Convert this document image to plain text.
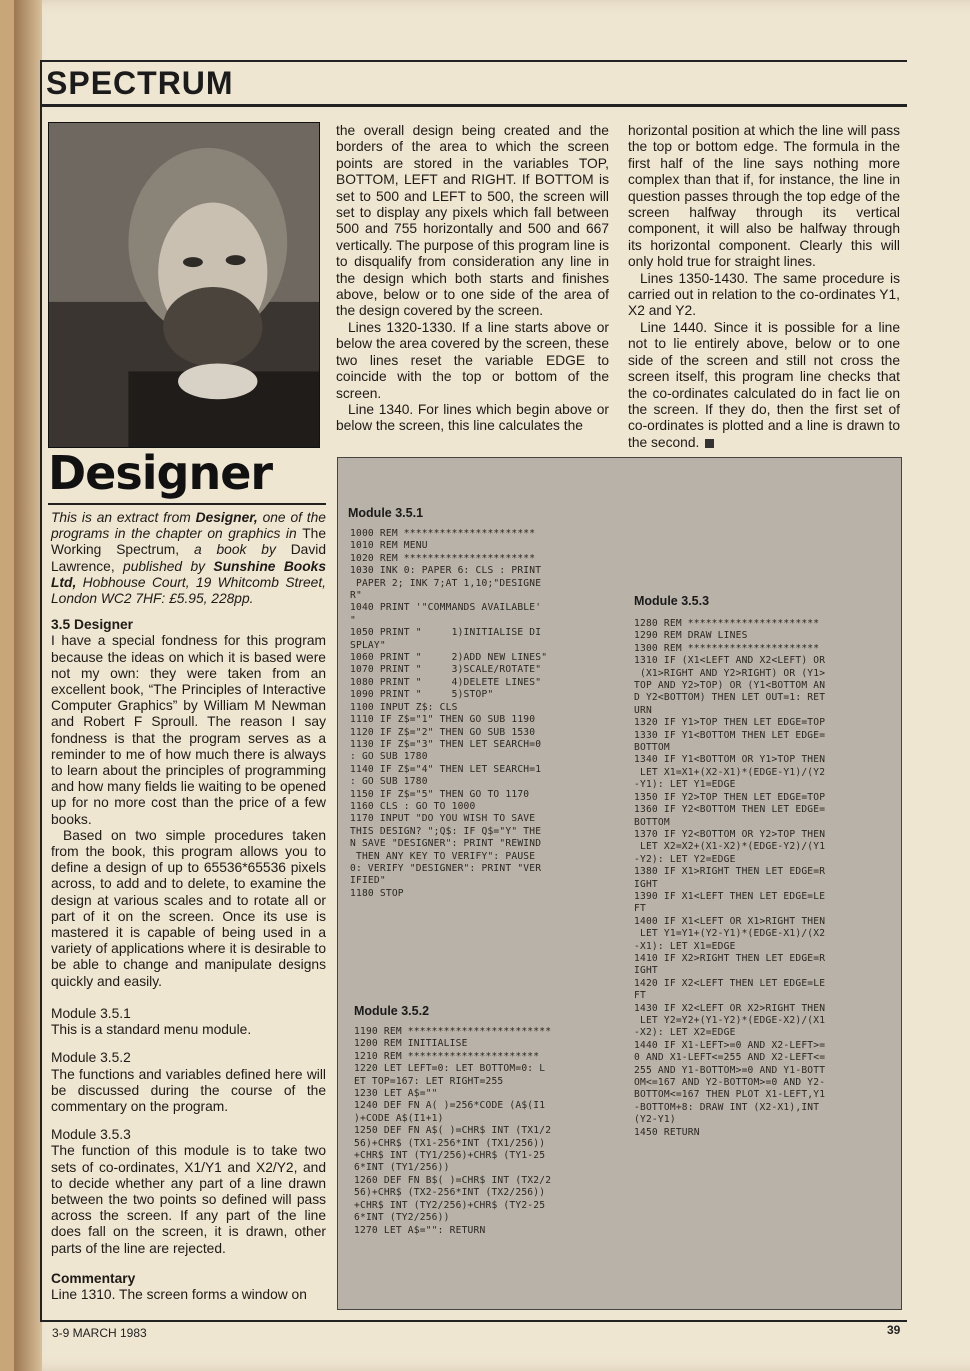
SPECTRUM
Designer
This is an extract from Designer, one of the programs in the chapter on graphics in The Working Spectrum, a book by David Lawrence, published by Sunshine Books Ltd, Hobhouse Court, 19 Whitcomb Street, London WC2 7HF: £5.95, 228pp.
3.5 Designer
I have a special fondness for this program because the ideas on which it is based were not my own: they were taken from an excellent book, “The Principles of Interactive Computer Graphics” by William M Newman and Robert F Sproull. The reason I say fondness is that the program serves as a reminder to me of how much there is always to learn about the principles of programming and how many fields lie waiting to be opened up for no more cost than the price of a few books.
Based on two simple procedures taken from the book, this program allows you to define a design of up to 65536*65536 pixels across, to add and to delete, to examine the design at various scales and to rotate all or part of it on the screen. Once its use is mastered it is capable of being used in a variety of applications where it is desirable to be able to change and manipulate designs quickly and easily.
Module 3.5.1
This is a standard menu module.
Module 3.5.2
The functions and variables defined here will be discussed during the course of the commentary on the program.
Module 3.5.3
The function of this module is to take two sets of co-ordinates, X1/Y1 and X2/Y2, and to decide whether any part of a line drawn between the two points so defined will pass across the screen. If any part of the line does fall on the screen, it is drawn, other parts of the line are rejected.
Commentary
Line 1310. The screen forms a window on
the overall design being created and the borders of the area to which the screen points are stored in the variables TOP, BOTTOM, LEFT and RIGHT. If BOTTOM is set to 500 and LEFT to 500, the screen will set to display any pixels which fall between 500 and 755 horizontally and 500 and 667 vertically. The purpose of this program line is to disqualify from consideration any line in the design which both starts and finishes above, below or to one side of the area of the design covered by the screen.
Lines 1320-1330. If a line starts above or below the area covered by the screen, these two lines reset the variable EDGE to coincide with the top or bottom of the screen.
Line 1340. For lines which begin above or below the screen, this line calculates the
horizontal position at which the line will pass the top or bottom edge. The formula in the first half of the line says nothing more complex than that if, for instance, the line in question passes through the top edge of the screen halfway through its vertical component, it will also be halfway through its horizontal component. Clearly this will only hold true for straight lines.
Lines 1350-1430. The same procedure is carried out in relation to the co-ordinates Y1, X2 and Y2.
Line 1440. Since it is possible for a line not to lie entirely above, below or to one side of the screen and still not cross the screen itself, this program line checks that the co-ordinates calculated do in fact lie on the screen. If they do, then the first set of co-ordinates is plotted and a line is drawn to the second.
Module 3.5.1
1000 REM **********************
1010 REM MENU
1020 REM **********************
1030 INK 0: PAPER 6: CLS : PRINT
PAPER 2; INK 7;AT 1,10;"DESIGNE
R"
1040 PRINT '"COMMANDS AVAILABLE'
"
1050 PRINT "     1)INITIALISE DI
SPLAY"
1060 PRINT "     2)ADD NEW LINES"
1070 PRINT "     3)SCALE/ROTATE"
1080 PRINT "     4)DELETE LINES"
1090 PRINT "     5)STOP"
1100 INPUT Z$: CLS
1110 IF Z$="1" THEN GO SUB 1190
1120 IF Z$="2" THEN GO SUB 1530
1130 IF Z$="3" THEN LET SEARCH=0
: GO SUB 1780
1140 IF Z$="4" THEN LET SEARCH=1
: GO SUB 1780
1150 IF Z$="5" THEN GO TO 1170
1160 CLS : GO TO 1000
1170 INPUT "DO YOU WISH TO SAVE
THIS DESIGN? ";Q$: IF Q$="Y" THE
N SAVE "DESIGNER": PRINT "REWIND
THEN ANY KEY TO VERIFY": PAUSE
0: VERIFY "DESIGNER": PRINT "VER
IFIED"
1180 STOP
Module 3.5.2
1190 REM ************************
1200 REM INITIALISE
1210 REM **********************
1220 LET LEFT=0: LET BOTTOM=0: L
ET TOP=167: LET RIGHT=255
1230 LET A$=""
1240 DEF FN A( )=256*CODE (A$(I1
)+CODE A$(I1+1)
1250 DEF FN A$( )=CHR$ INT (TX1/2
56)+CHR$ (TX1-256*INT (TX1/256))
+CHR$ INT (TY1/256)+CHR$ (TY1-25
6*INT (TY1/256))
1260 DEF FN B$( )=CHR$ INT (TX2/2
56)+CHR$ (TX2-256*INT (TX2/256))
+CHR$ INT (TY2/256)+CHR$ (TY2-25
6*INT (TY2/256))
1270 LET A$="": RETURN
Module 3.5.3
1280 REM **********************
1290 REM DRAW LINES
1300 REM **********************
1310 IF (X1<LEFT AND X2<LEFT) OR
(X1>RIGHT AND Y2>RIGHT) OR (Y1>
TOP AND Y2>TOP) OR (Y1<BOTTOM AN
D Y2<BOTTOM) THEN LET OUT=1: RET
URN
1320 IF Y1>TOP THEN LET EDGE=TOP
1330 IF Y1<BOTTOM THEN LET EDGE=
BOTTOM
1340 IF Y1<BOTTOM OR Y1>TOP THEN
LET X1=X1+(X2-X1)*(EDGE-Y1)/(Y2
-Y1): LET Y1=EDGE
1350 IF Y2>TOP THEN LET EDGE=TOP
1360 IF Y2<BOTTOM THEN LET EDGE=
BOTTOM
1370 IF Y2<BOTTOM OR Y2>TOP THEN
LET X2=X2+(X1-X2)*(EDGE-Y2)/(Y1
-Y2): LET Y2=EDGE
1380 IF X1>RIGHT THEN LET EDGE=R
IGHT
1390 IF X1<LEFT THEN LET EDGE=LE
FT
1400 IF X1<LEFT OR X1>RIGHT THEN
LET Y1=Y1+(Y2-Y1)*(EDGE-X1)/(X2
-X1): LET X1=EDGE
1410 IF X2>RIGHT THEN LET EDGE=R
IGHT
1420 IF X2<LEFT THEN LET EDGE=LE
FT
1430 IF X2<LEFT OR X2>RIGHT THEN
LET Y2=Y2+(Y1-Y2)*(EDGE-X2)/(X1
-X2): LET X2=EDGE
1440 IF X1-LEFT>=0 AND X2-LEFT>=
0 AND X1-LEFT<=255 AND X2-LEFT<=
255 AND Y1-BOTTOM>=0 AND Y1-BOTT
OM<=167 AND Y2-BOTTOM>=0 AND Y2-
BOTTOM<=167 THEN PLOT X1-LEFT,Y1
-BOTTOM+8: DRAW INT (X2-X1),INT
(Y2-Y1)
1450 RETURN
3-9 MARCH 1983	39
